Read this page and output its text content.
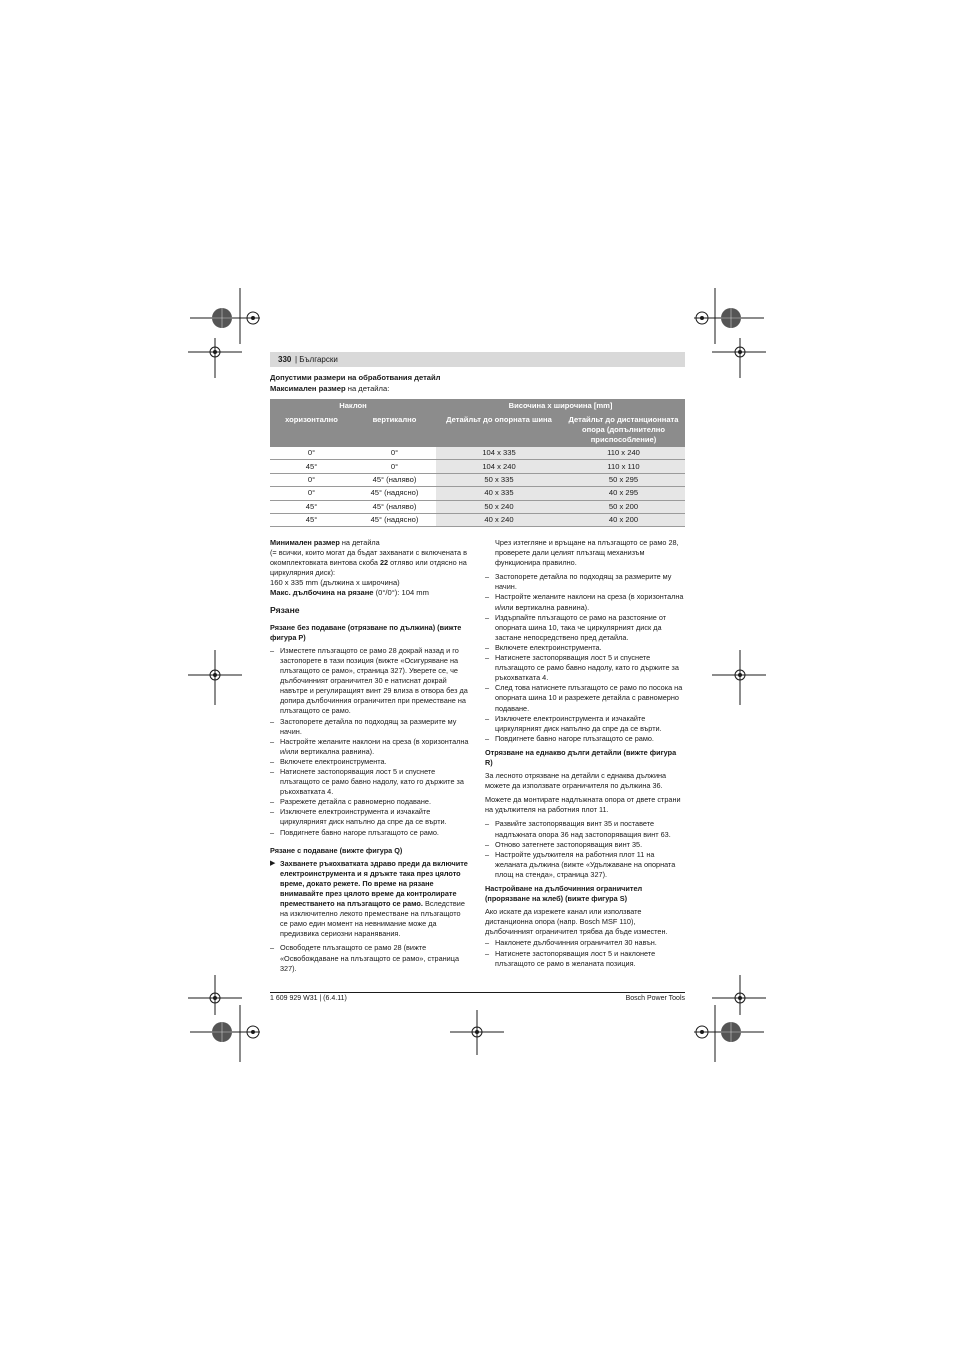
330 | Български
Допустими размери на обработвания детайл
Максимален размер на детайла:
Наклон		Височина x широчина [mm]	
хоризонтално	вертикално	Детайльт до опорната шина	Детайльт до дистанционната опора (допълнително приспособление)
0°	0°	104 x 335	110 x 240
45°	0°	104 x 240	110 x 110
0°	45° (наляво)	50 x 335	50 x 295
0°	45° (надясно)	40 x 335	40 x 295
45°	45° (наляво)	50 x 240	50 x 200
45°	45° (надясно)	40 x 240	40 x 200

Минимален размер на детайла

(= всички, които могат да бъдат захванати с включената в окомплектовката винтова скоба 22 отляво или отдясно на циркулярния диск):

160 x 335 mm (дължина x широчина)

Макс. дълбочина на рязане (0°/0°): 104 mm

Рязане
Рязане без подаване (отрязване по дължина) (вижте фигура P)
– Изместете плъзгащото се рамо 28 докрай назад и го застопорете в тази позиция (вижте «Осигуряване на плъзгащото се рамо», страница 327). Уверете се, че дълбочинният ограничител 30 е натиснат докрай навътре и регулиращият винт 29 влиза в отвора без да допира дълбочинния ограничител при преместване на плъзгащото се рамо.
– Застопорете детайла по подходящ за размерите му начин.
– Настройте желаните наклони на среза (в хоризонтална и/или вертикална равнина).
– Включете електроинструмента.
– Натиснете застопоряващия лост 5 и спуснете плъзгащото се рамо бавно надолу, като го държите за ръкохватката 4.
– Разрежете детайла с равномерно подаване.
– Изключете електроинструмента и изчакайте циркулярният диск напълно да спре да се върти.
– Повдигнете бавно нагоре плъзгащото се рамо.
Рязане с подаване (вижте фигура Q)
▶ Захванете ръкохватката здраво преди да включите електроинструмента и я дръжте така през цялото време, докато режете. По време на рязане внимавайте през цялото време да контролирате преместването на плъзгащото се рамо. Вследствие на изключително лекото преместване на плъзгащото се рамо един момент на невнимание може да предизвика сериозни наранявания.
– Освободете плъзгащото се рамо 28 (вижте «Освобождаване на плъзгащото се рамо», страница 327).

Чрез изтегляне и връщане на плъзгащото се рамо 28, проверете дали целият плъзгащ механизъм функционира правилно.

– Застопорете детайла по подходящ за размерите му начин.
– Настройте желаните наклони на среза (в хоризонтална и/или вертикална равнина).
– Издърпайте плъзгащото се рамо на разстояние от опорната шина 10, така че циркулярният диск да застане непосредствено пред детайла.
– Включете електроинструмента.
– Натиснете застопоряващия лост 5 и спуснете плъзгащото се рамо бавно надолу, като го държите за ръкохватката 4.
– След това натиснете плъзгащото се рамо по посока на опорната шина 10 и разрежете детайла с равномерно подаване.
– Изключете електроинструмента и изчакайте циркулярният диск напълно да спре да се върти.
– Повдигнете бавно нагоре плъзгащото се рамо.
Отрязване на еднакво дълги детайли (вижте фигура R)

За лесното отрязване на детайли с еднаква дължина можете да използвате ограничителя по дължина 36.

Можете да монтирате надлъжната опора от двете страни на удължителя на работния плот 11.

– Развийте застопоряващия винт 35 и поставете надлъжната опора 36 над застопоряващия винт 63.
– Отново затегнете застопоряващия винт 35.
– Настройте удължителя на работния плот 11 на желаната дължина (вижте «Удължаване на опорната площ на стенда», страница 327).
Настройване на дълбочинния ограничител (прорязване на жлеб) (вижте фигура S)

Ако искате да изрежете канал или използвате дистанционна опора (напр. Bosch MSF 110), дълбочинният ограничител трябва да бъде изместен.

– Наклонете дълбочинния ограничител 30 навън.
– Натиснете застопоряващия лост 5 и наклонете плъзгащото се рамо в желаната позиция.
1 609 929 W31 | (6.4.11)	Bosch Power Tools
